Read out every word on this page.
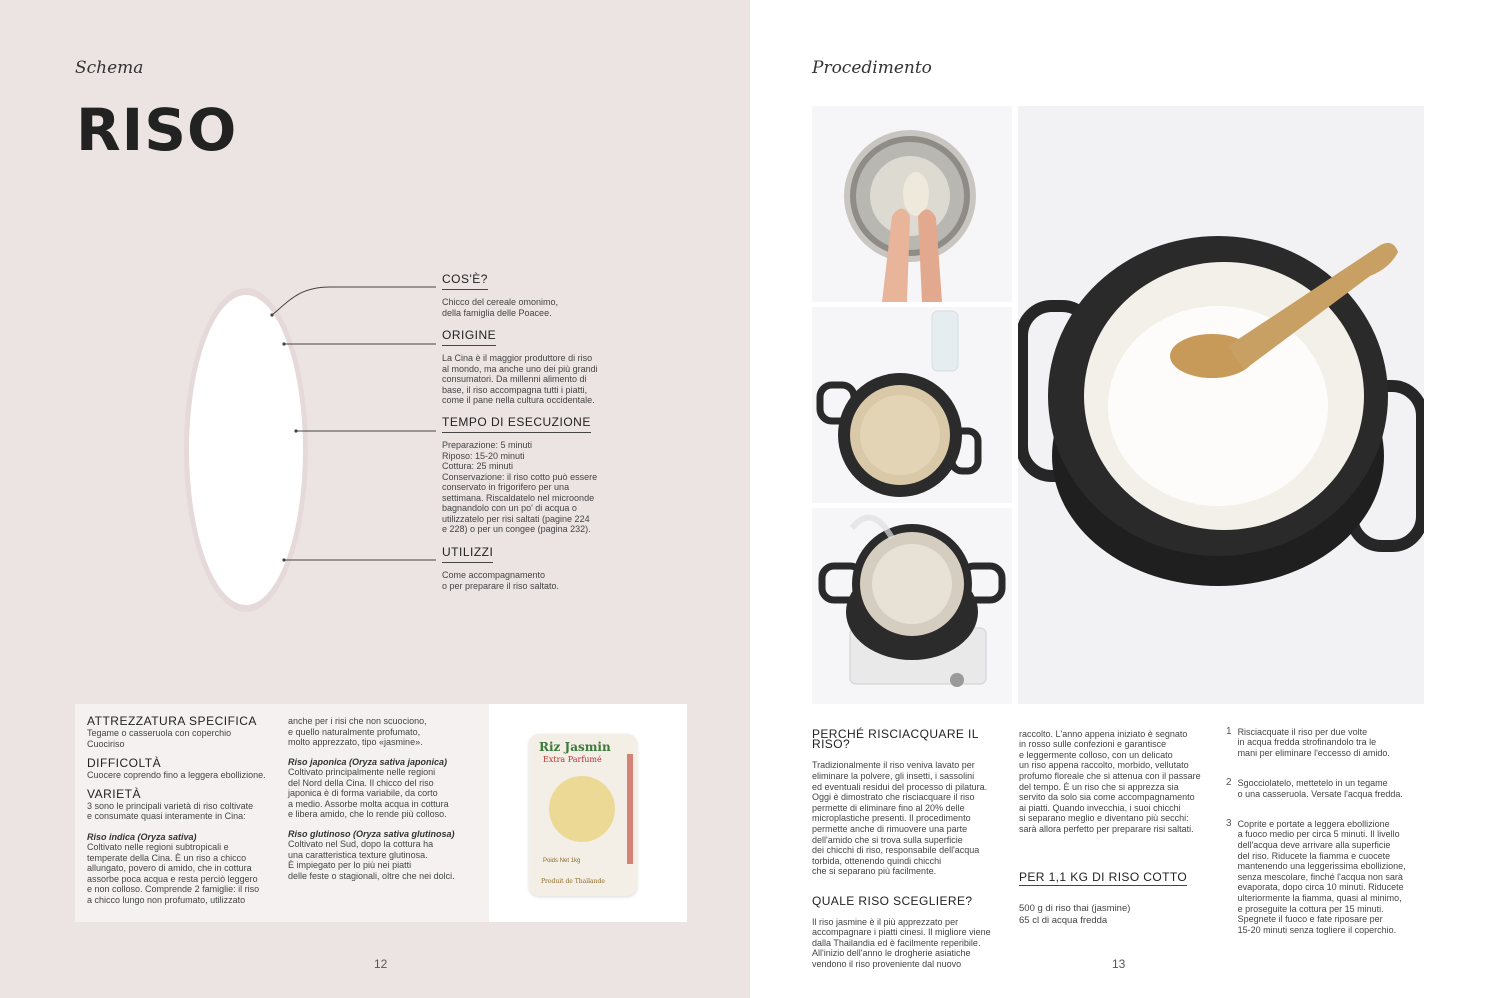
Schema
RISO
COS'È?
Chicco del cereale omonimo,
della famiglia delle Poacee.
ORIGINE
La Cina è il maggior produttore di riso
al mondo, ma anche uno dei più grandi
consumatori. Da millenni alimento di
base, il riso accompagna tutti i piatti,
come il pane nella cultura occidentale.
TEMPO DI ESECUZIONE
Preparazione: 5 minuti
Riposo: 15-20 minuti
Cottura: 25 minuti
Conservazione: il riso cotto può essere
conservato in frigorifero per una
settimana. Riscaldatelo nel microonde
bagnandolo con un po' di acqua o
utilizzatelo per risi saltati (pagine 224
e 228) o per un congee (pagina 232).
UTILIZZI
Come accompagnamento
o per preparare il riso saltato.
ATTREZZATURA SPECIFICA
Tegame o casseruola con coperchio
Cuociriso
DIFFICOLTÀ
Cuocere coprendo fino a leggera ebollizione.
VARIETÀ
3 sono le principali varietà di riso coltivate
e consumate quasi interamente in Cina:
Riso indica (Oryza sativa)
Coltivato nelle regioni subtropicali e
temperate della Cina. È un riso a chicco
allungato, povero di amido, che in cottura
assorbe poca acqua e resta perciò leggero
e non colloso. Comprende 2 famiglie: il riso
a chicco lungo non profumato, utilizzato
anche per i risi che non scuociono,
e quello naturalmente profumato,
molto apprezzato, tipo «jasmine».
Riso japonica (Oryza sativa japonica)
Coltivato principalmente nelle regioni
del Nord della Cina. Il chicco del riso
japonica è di forma variabile, da corto
a medio. Assorbe molta acqua in cottura
e libera amido, che lo rende più colloso.
Riso glutinoso (Oryza sativa glutinosa)
Coltivato nel Sud, dopo la cottura ha
una caratteristica texture glutinosa.
È impiegato per lo più nei piatti
delle feste o stagionali, oltre che nei dolci.
Riz Jasmin
Extra Parfumé
Poids Net 1kg
Produit de Thaïlande
12
Procedimento

PERCHÉ RISCIACQUARE IL RISO?

Tradizionalmente il riso veniva lavato per
eliminare la polvere, gli insetti, i sassolini
ed eventuali residui del processo di pilatura.
Oggi è dimostrato che risciacquare il riso
permette di eliminare fino al 20% delle
microplastiche presenti. Il procedimento
permette anche di rimuovere una parte
dell'amido che si trova sulla superficie
dei chicchi di riso, responsabile dell'acqua
torbida, ottenendo quindi chicchi
che si separano più facilmente.

QUALE RISO SCEGLIERE?

Il riso jasmine è il più apprezzato per
accompagnare i piatti cinesi. Il migliore viene
dalla Thailandia ed è facilmente reperibile.
All'inizio dell'anno le drogherie asiatiche
vendono il riso proveniente dal nuovo

raccolto. L'anno appena iniziato è segnato
in rosso sulle confezioni e garantisce
e leggermente colloso, con un delicato
un riso appena raccolto, morbido, vellutato
profumo floreale che si attenua con il passare
del tempo. È un riso che si apprezza sia
servito da solo sia come accompagnamento
ai piatti. Quando invecchia, i suoi chicchi
si separano meglio e diventano più secchi:
sarà allora perfetto per preparare risi saltati.

PER 1,1 KG DI RISO COTTO

500 g di riso thai (jasmine)
65 cl di acqua fredda

1 Risciacquate il riso per due volte
in acqua fredda strofinandolo tra le
mani per eliminare l'eccesso di amido.

2 Sgocciolatelo, mettetelo in un tegame
o una casseruola. Versate l'acqua fredda.

3 Coprite e portate a leggera ebollizione
a fuoco medio per circa 5 minuti. Il livello
dell'acqua deve arrivare alla superficie
del riso. Riducete la fiamma e cuocete
mantenendo una leggerissima ebollizione,
senza mescolare, finché l'acqua non sarà
evaporata, dopo circa 10 minuti. Riducete
ulteriormente la fiamma, quasi al minimo,
e proseguite la cottura per 15 minuti.
Spegnete il fuoco e fate riposare per
15-20 minuti senza togliere il coperchio.

13
